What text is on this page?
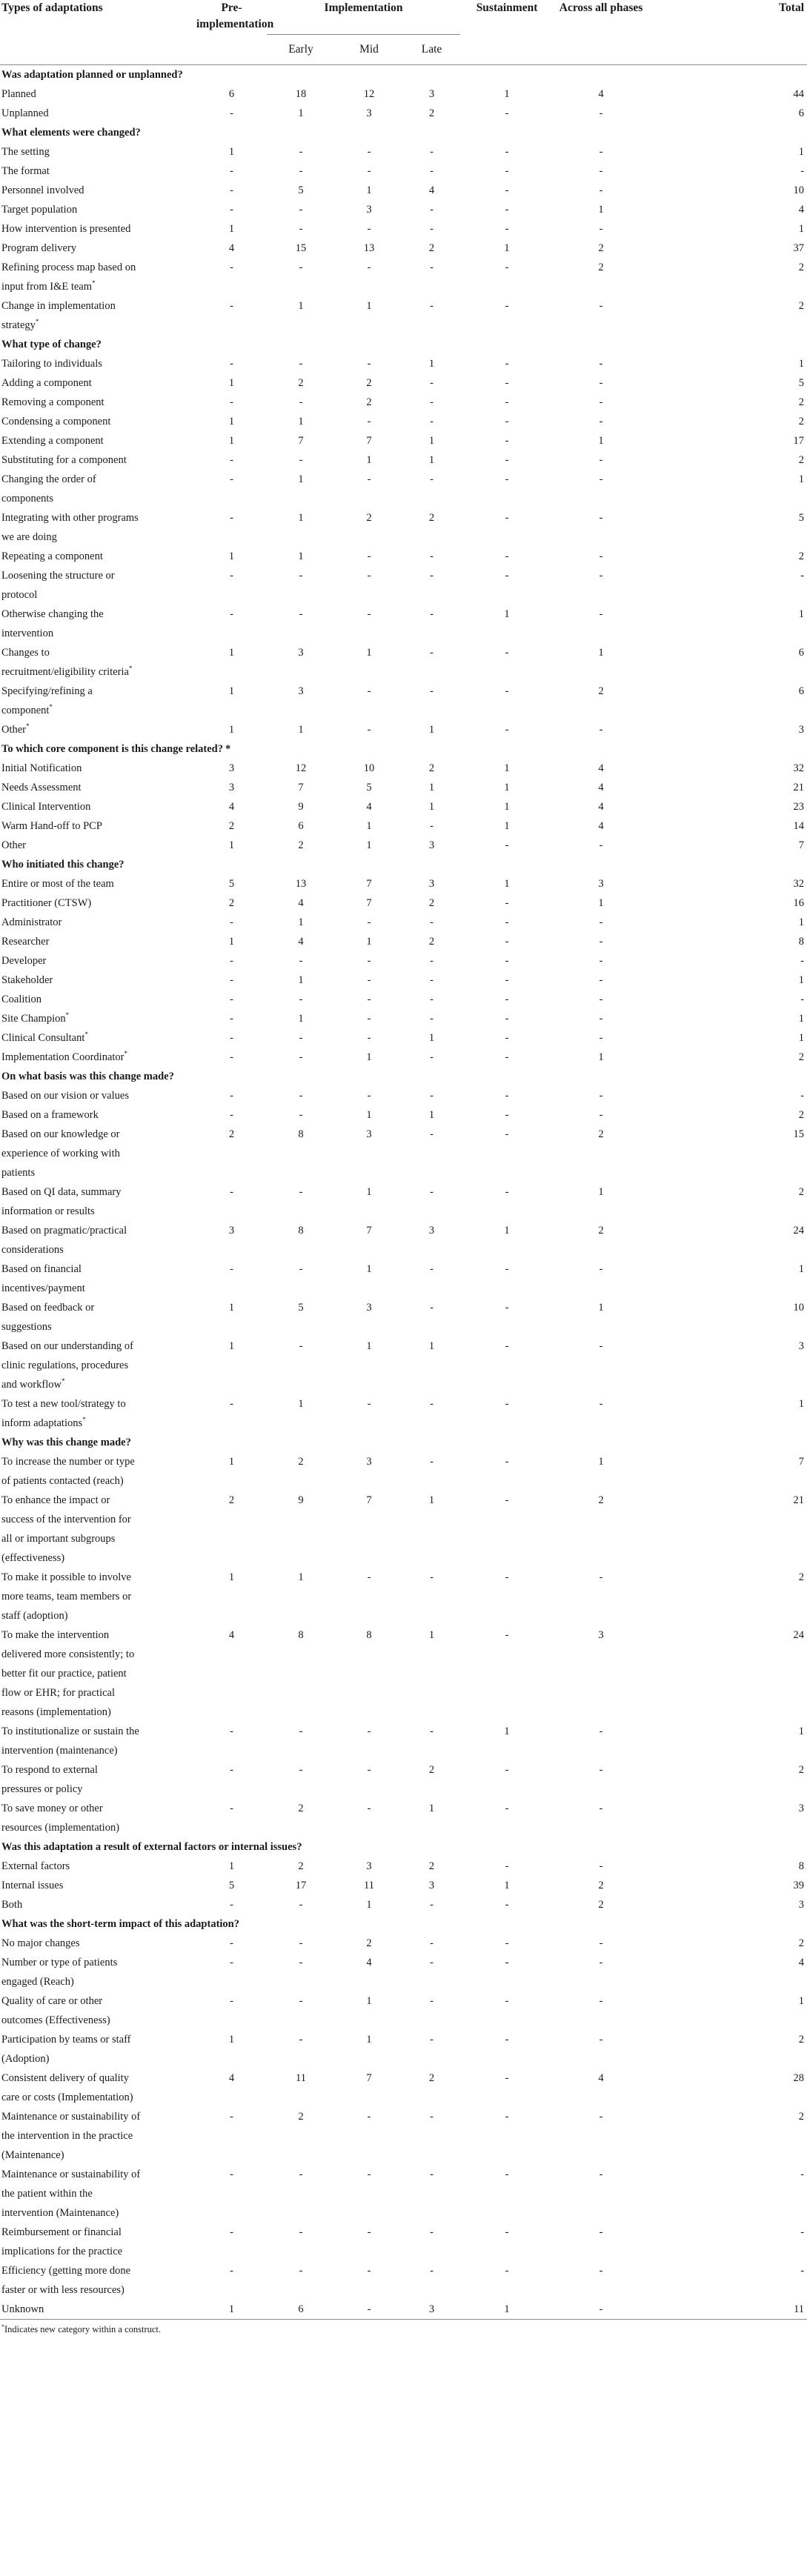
Types of adaptations	Pre-implementation	Implementation			Sustainment	Across all phases	Total
		Early	Mid	Late			
Was adaptation planned or unplanned?							
Planned	6	18	12	3	1	4	44
Unplanned	-	1	3	2	-	-	6
What elements were changed?							
The setting	1	-	-	-	-	-	1
The format	-	-	-	-	-	-	-
Personnel involved	-	5	1	4	-	-	10
Target population	-	-	3	-	-	1	4
How intervention is presented	1	-	-	-	-	-	1
Program delivery	4	15	13	2	1	2	37

Refining process map based on
input from I&E team*	-	-	-	-	-	2	2

Change in implementation
strategy*	-	1	1	-	-	-	2
What type of change?							
Tailoring to individuals	-	-	-	1	-	-	1
Adding a component	1	2	2	-	-	-	5
Removing a component	-	-	2	-	-	-	2
Condensing a component	1	1	-	-	-	-	2
Extending a component	1	7	7	1	-	1	17
Substituting for a component	-	-	1	1	-	-	2

Changing the order of
components	-	1	-	-	-	-	1

Integrating with other programs
we are doing	-	1	2	2	-	-	5
Repeating a component	1	1	-	-	-	-	2

Loosening the structure or
protocol	-	-	-	-	-	-	-

Otherwise changing the
intervention	-	-	-	-	1	-	1

Changes to
recruitment/eligibility criteria*	1	3	1	-	-	1	6

Specifying/refining a
component*	1	3	-	-	-	2	6
Other*	1	1	-	1	-	-	3
To which core component is this change related? *							
Initial Notification	3	12	10	2	1	4	32
Needs Assessment	3	7	5	1	1	4	21
Clinical Intervention	4	9	4	1	1	4	23
Warm Hand-off to PCP	2	6	1	-	1	4	14
Other	1	2	1	3	-	-	7
Who initiated this change?							
Entire or most of the team	5	13	7	3	1	3	32
Practitioner (CTSW)	2	4	7	2	-	1	16
Administrator	-	1	-	-	-	-	1
Researcher	1	4	1	2	-	-	8
Developer	-	-	-	-	-	-	-
Stakeholder	-	1	-	-	-	-	1
Coalition	-	-	-	-	-	-	-
Site Champion*	-	1	-	-	-	-	1
Clinical Consultant*	-	-	-	1	-	-	1
Implementation Coordinator*	-	-	1	-	-	1	2
On what basis was this change made?							
Based on our vision or values	-	-	-	-	-	-	-
Based on a framework	-	-	1	1	-	-	2

Based on our knowledge or
experience of working with
patients	2	8	3	-	-	2	15

Based on QI data, summary
information or results	-	-	1	-	-	1	2

Based on pragmatic/practical
considerations	3	8	7	3	1	2	24

Based on financial
incentives/payment	-	-	1	-	-	-	1

Based on feedback or
suggestions	1	5	3	-	-	1	10

Based on our understanding of
clinic regulations, procedures
and workflow*	1	-	1	1	-	-	3

To test a new tool/strategy to
inform adaptations*	-	1	-	-	-	-	1
Why was this change made?							

To increase the number or type
of patients contacted (reach)	1	2	3	-	-	1	7

To enhance the impact or
success of the intervention for
all or important subgroups
(effectiveness)	2	9	7	1	-	2	21

To make it possible to involve
more teams, team members or
staff (adoption)	1	1	-	-	-	-	2

To make the intervention
delivered more consistently; to
better fit our practice, patient
flow or EHR; for practical
reasons (implementation)	4	8	8	1	-	3	24

To institutionalize or sustain the
intervention (maintenance)	-	-	-	-	1	-	1

To respond to external
pressures or policy	-	-	-	2	-	-	2

To save money or other
resources (implementation)	-	2	-	1	-	-	3
Was this adaptation a result of external factors or internal issues?							
External factors	1	2	3	2	-	-	8
Internal issues	5	17	11	3	1	2	39
Both	-	-	1	-	-	2	3
What was the short-term impact of this adaptation?							
No major changes	-	-	2	-	-	-	2

Number or type of patients
engaged (Reach)	-	-	4	-	-	-	4

Quality of care or other
outcomes (Effectiveness)	-	-	1	-	-	-	1

Participation by teams or staff
(Adoption)	1	-	1	-	-	-	2

Consistent delivery of quality
care or costs (Implementation)	4	11	7	2	-	4	28

Maintenance or sustainability of
the intervention in the practice
(Maintenance)	-	2	-	-	-	-	2

Maintenance or sustainability of
the patient within the
intervention (Maintenance)	-	-	-	-	-	-	-

Reimbursement or financial
implications for the practice	-	-	-	-	-	-	-

Efficiency (getting more done
faster or with less resources)	-	-	-	-	-	-	-
Unknown	1	6	-	3	1	-	11
*Indicates new category within a construct.
